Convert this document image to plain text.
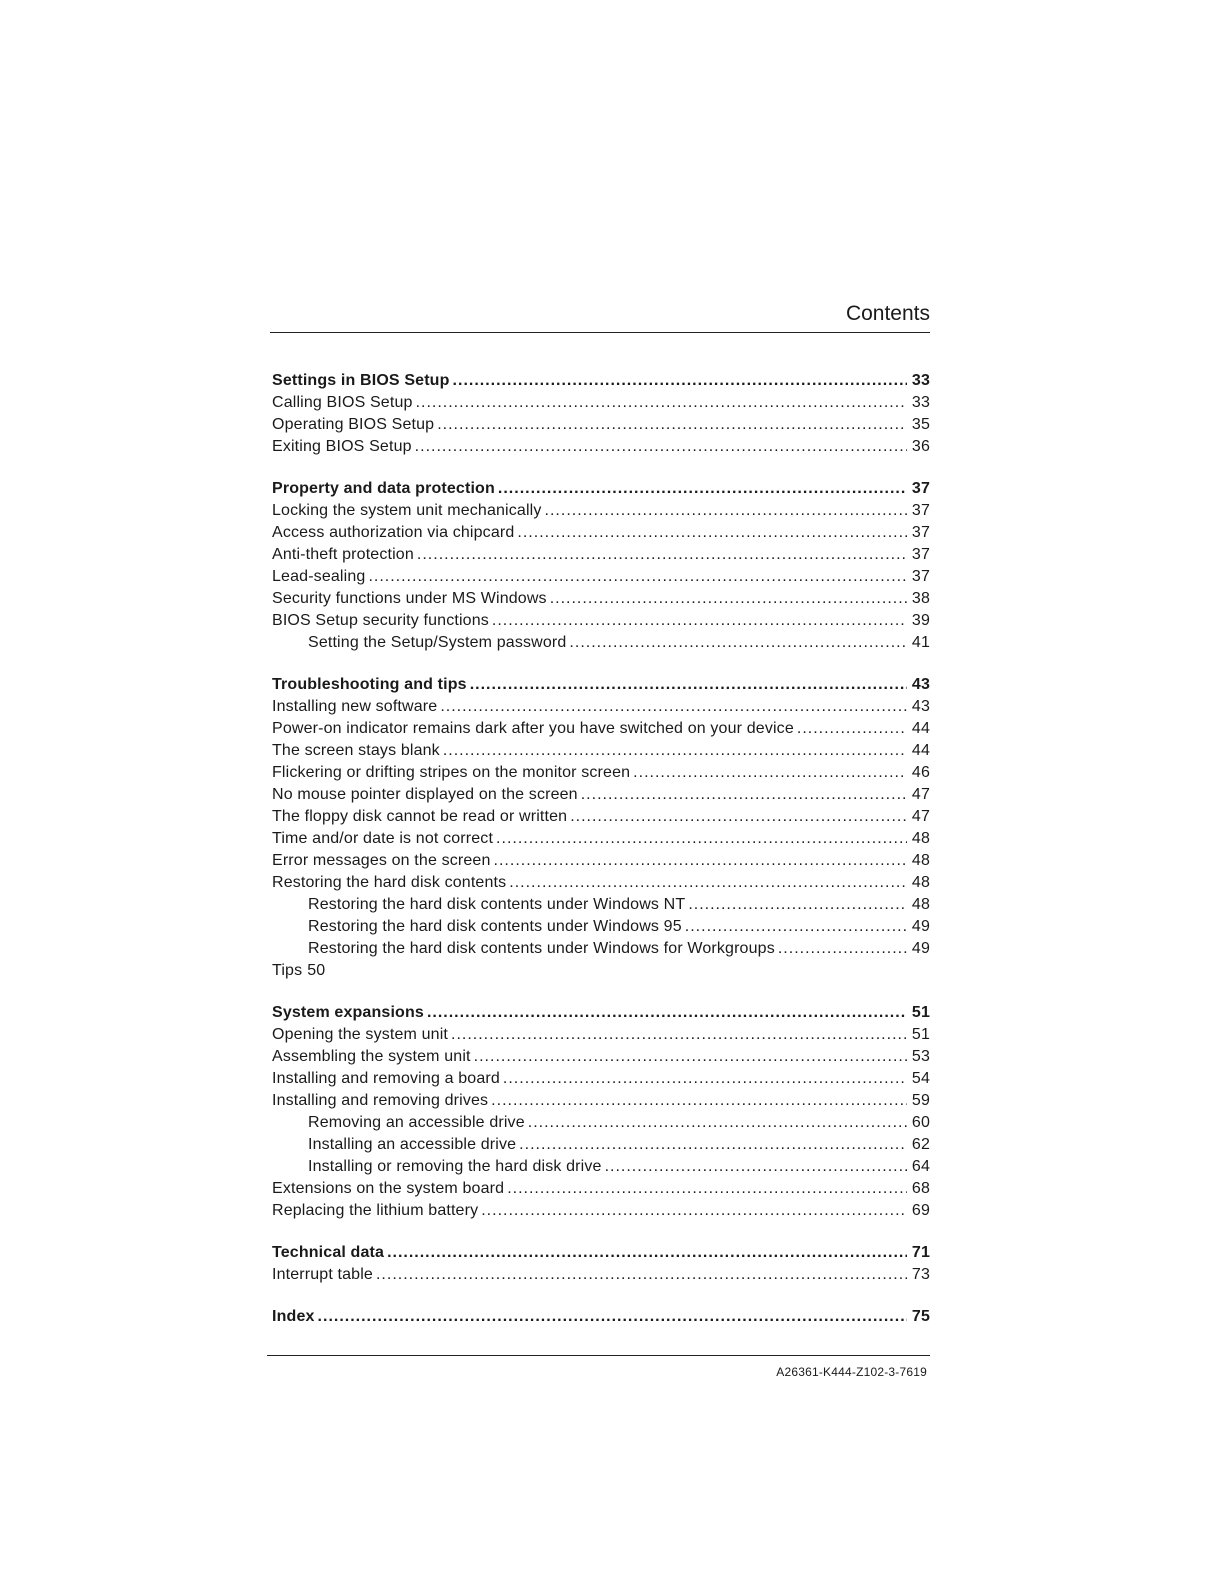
Contents
Settings in BIOS Setup .....	33
Calling BIOS Setup .....	33
Operating BIOS Setup .....	35
Exiting BIOS Setup .....	36
Property and data protection .....	37
Locking the system unit mechanically .....	37
Access authorization via chipcard .....	37
Anti-theft protection .....	37
Lead-sealing .....	37
Security functions under MS Windows .....	38
BIOS Setup security functions .....	39
Setting the Setup/System password .....	41
Troubleshooting and tips .....	43
Installing new software .....	43
Power-on indicator remains dark after you have switched on your device .....	44
The screen stays blank .....	44
Flickering or drifting stripes on the monitor screen .....	46
No mouse pointer displayed on the screen .....	47
The floppy disk cannot be read or written .....	47
Time and/or date is not correct .....	48
Error messages on the screen .....	48
Restoring the hard disk contents .....	48
Restoring the hard disk contents under Windows NT .....	48
Restoring the hard disk contents under Windows 95 .....	49
Restoring the hard disk contents under Windows for Workgroups .....	49
Tips 50
System expansions .....	51
Opening the system unit .....	51
Assembling the system unit .....	53
Installing and removing a board .....	54
Installing and removing drives .....	59
Removing an accessible drive .....	60
Installing an accessible drive .....	62
Installing or removing the hard disk drive .....	64
Extensions on the system board .....	68
Replacing the lithium battery .....	69
Technical data .....	71
Interrupt table .....	73
Index .....	75
A26361-K444-Z102-3-7619
